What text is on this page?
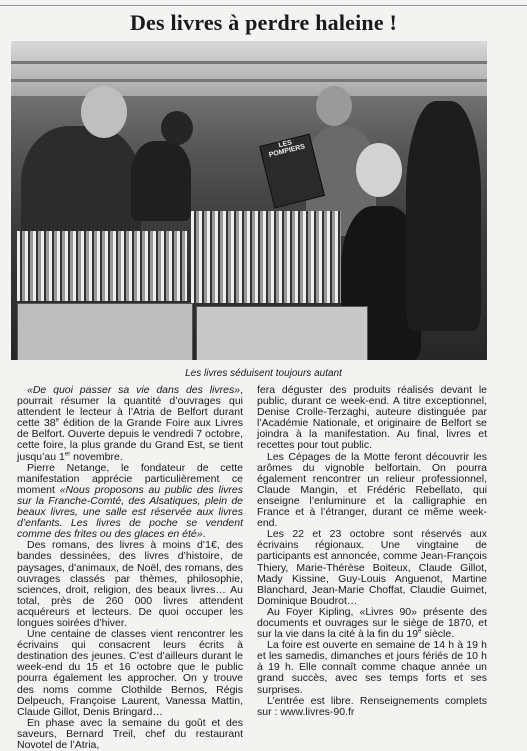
Des livres à perdre haleine !
LES POMPIERS
Les livres séduisent toujours autant

«De quoi passer sa vie dans des livres», pourrait résumer la quantité d’ouvrages qui attendent le lecteur à l’Atria de Belfort durant cette 38e édition de la Grande Foire aux Livres de Belfort. Ouverte depuis le vendredi 7 octobre, cette foire, la plus grande du Grand Est, se tient jusqu’au 1er novembre.

Pierre Netange, le fondateur de cette manifestation apprécie particulièrement ce moment «Nous proposons au public des livres sur la Franche-Comté, des Alsatiques, plein de beaux livres, une salle est réservée aux livres d’enfants. Les livres de poche se vendent comme des frites ou des glaces en été».

Des romans, des livres à moins d’1€, des bandes dessinées, des livres d’histoire, de paysages, d’animaux, de Noël, des romans, des ouvrages classés par thèmes, philosophie, sciences, droit, religion, des beaux livres… Au total, près de 260 000 livres attendent acquéreurs et lecteurs. De quoi occuper les longues soirées d’hiver.

Une centaine de classes vient rencontrer les écrivains qui consacrent leurs écrits à destination des jeunes. C’est d’ailleurs durant le week-end du 15 et 16 octobre que le public pourra également les approcher. On y trouve des noms comme Clothilde Bernos, Régis Delpeuch, Françoise Laurent, Vanessa Mattin, Claude Gillot, Denis Bringard…

En phase avec la semaine du goût et des saveurs, Bernard Treil, chef du restaurant Novotel de l’Atria,

fera déguster des produits réalisés devant le public, durant ce week-end. A titre exceptionnel, Denise Crolle-Terzaghi, auteure distinguée par l’Académie Nationale, et originaire de Belfort se joindra à la manifestation. Au final, livres et recettes pour tout public.

Les Cépages de la Motte feront découvrir les arômes du vignoble belfortain. On pourra également rencontrer un relieur professionnel, Claude Mangin, et Frédéric Rebellato, qui enseigne l’enluminure et la calligraphie en France et à l’étranger, durant ce même week-end.

Les 22 et 23 octobre sont réservés aux écrivains régionaux. Une vingtaine de participants est annoncée, comme Jean-François Thiery, Marie-Thérèse Boiteux, Claude Gillot, Mady Kissine, Guy-Louis Anguenot, Martine Blanchard, Jean-Marie Choffat, Claudie Guimet, Dominique Boudrot…

Au Foyer Kipling, «Livres 90» présente des documents et ouvrages sur le siège de 1870, et sur la vie dans la cité à la fin du 19e siècle.

La foire est ouverte en semaine de 14 h à 19 h et les samedis, dimanches et jours fériés de 10 h à 19 h. Elle connaît comme chaque année un grand succès, avec ses temps forts et ses surprises.

L’entrée est libre. Renseignements complets sur : www.livres-90.fr
